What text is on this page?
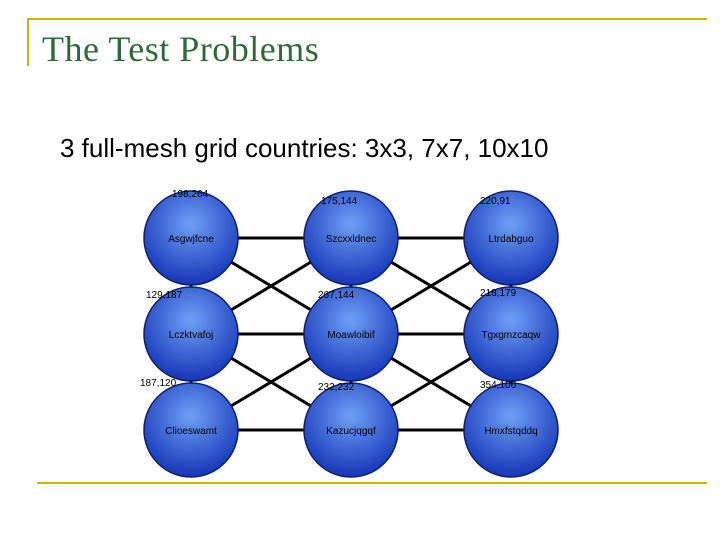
The Test Problems

3 full-mesh grid countries: 3x3, 7x7, 10x10

Asgwjfcne	Szcxxldnec	Ltrdabguo
Lczktvafoj	Moawloibif	Tgxgmzcaqw
Clioeswamt	Kazucjqgqf	Hmxfstqddq
198,264
175,144	220,91
129,187	267,144	218,179
187,120	232,232	354,106
